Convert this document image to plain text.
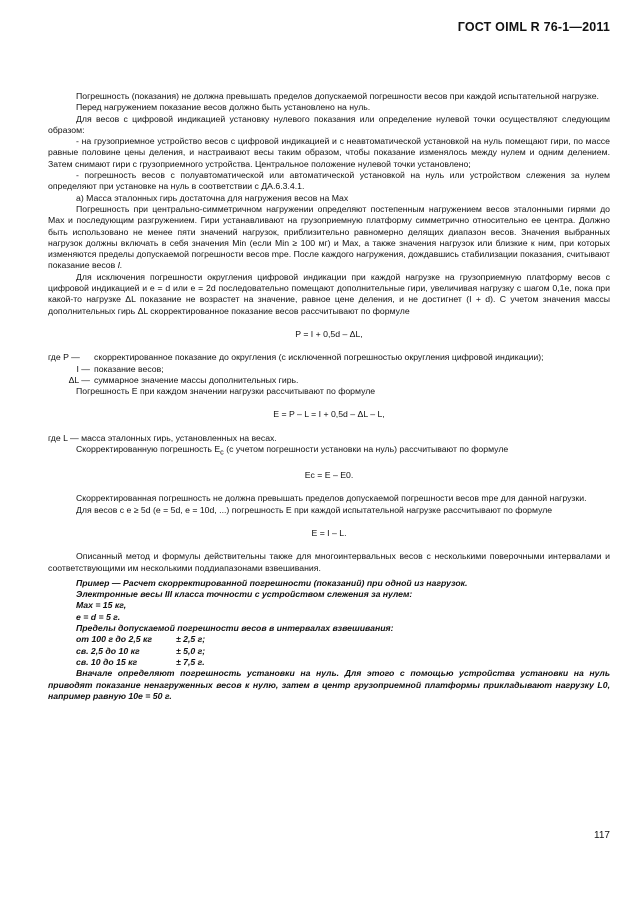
ГОСТ OIML R 76-1—2011

Погрешность (показания) не должна превышать пределов допускаемой погрешности весов при каждой испытательной нагрузке.

Перед нагружением показание весов должно быть установлено на нуль.

Для весов с цифровой индикацией установку нулевого показания или определение нулевой точки осуществляют следующим образом:

- на грузоприемное устройство весов с цифровой индикацией и с неавтоматической установкой на нуль помещают гири, по массе равные половине цены деления, и настраивают весы таким образом, чтобы показание изменялось между нулем и одним делением. Затем снимают гири с грузоприемного устройства. Центральное положение нулевой точки установлено;

- погрешность весов с полуавтоматической или автоматической установкой на нуль или устройством слежения за нулем определяют при установке на нуль в соответствии с ДА.6.3.4.1.

а) Масса эталонных гирь достаточна для нагружения весов на Max

Погрешность при центрально-симметричном нагружении определяют постепенным нагружением весов эталонными гирями до Max и последующим разгружением. Гири устанавливают на грузоприемную платформу симметрично относительно ее центра. Должно быть использовано не менее пяти значений нагрузок, приблизительно равномерно делящих диапазон весов. Значения выбранных нагрузок должны включать в себя значения Min (если Min ≥ 100 мг) и Max, а также значения нагрузок или близкие к ним, при которых изменяются пределы допускаемой погрешности весов mpe. После каждого нагружения, дождавшись стабилизации показания, считывают показание весов I.

Для исключения погрешности округления цифровой индикации при каждой нагрузке на грузоприемную платформу весов с цифровой индикацией и e = d или e = 2d последовательно помещают дополнительные гири, увеличивая нагрузку с шагом 0,1e, пока при какой-то нагрузке ΔL показание не возрастет на значение, равное цене деления, и не достигнет (I + d). С учетом значения массы дополнительных гирь ΔL скорректированное показание весов рассчитывают по формуле

P = I + 0,5d – ΔL,

где P —	скорректированное показание до округления (с исключенной погрешностью округления цифровой индикации);
I — показание весов;
ΔL — суммарное значение массы дополнительных гирь.

Погрешность E при каждом значении нагрузки рассчитывают по формуле

E = P – L = I + 0,5d – ΔL – L,

где L — масса эталонных гирь, установленных на весах.

Скорректированную погрешность $E_c$ (с учетом погрешности установки на нуль) рассчитывают по формуле

Ec = E – E0.

Скорректированная погрешность не должна превышать пределов допускаемой погрешности весов mpe для данной нагрузки.

Для весов с e ≥ 5d (e = 5d, e = 10d, ...) погрешность E при каждой испытательной нагрузке рассчитывают по формуле

E = I – L.

Описанный метод и формулы действительны также для многоинтервальных весов с несколькими поверочными интервалами и соответствующими им несколькими поддиапазонами взвешивания.

Пример — Расчет скорректированной погрешности (показаний) при одной из нагрузок.

Электронные весы III класса точности с устройством слежения за нулем:

Max = 15 кг,

e = d = 5 г.

Пределы допускаемой погрешности весов в интервалах взвешивания:

от 100 г до 2,5 кг	± 2,5 г;
св. 2,5 до 10 кг	± 5,0 г;
св. 10 до 15 кг	± 7,5 г.

Вначале определяют погрешность установки на нуль. Для этого с помощью устройства установки на нуль приводят показание ненагруженных весов к нулю, затем в центр грузоприемной платформы прикладывают нагрузку L0, например равную 10e = 50 г.

117
